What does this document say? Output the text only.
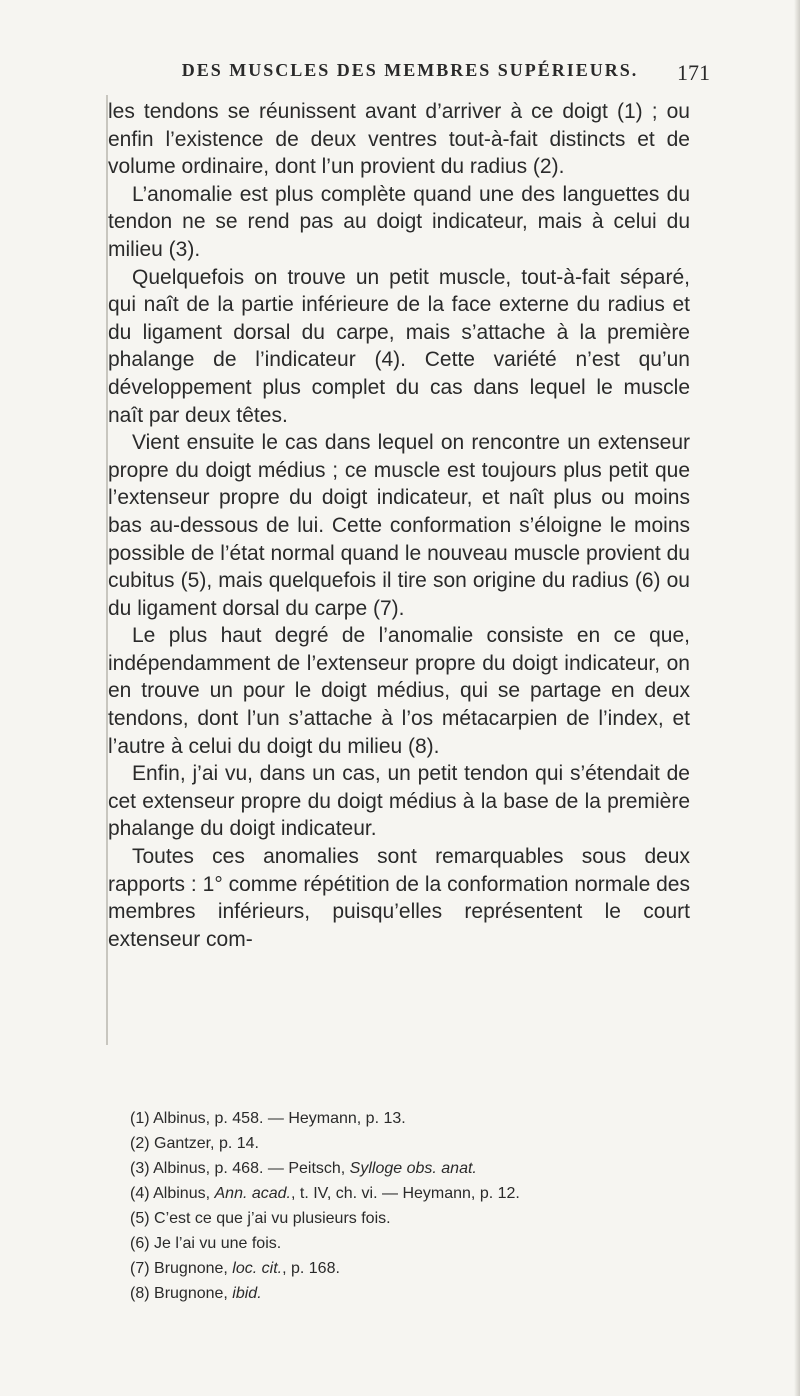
DES MUSCLES DES MEMBRES SUPÉRIEURS.	171

les tendons se réunissent avant d’arriver à ce doigt (1) ; ou enfin l’existence de deux ventres tout-à-fait distincts et de volume ordinaire, dont l’un provient du radius (2).

L’anomalie est plus complète quand une des languettes du tendon ne se rend pas au doigt indicateur, mais à celui du milieu (3).

Quelquefois on trouve un petit muscle, tout-à-fait séparé, qui naît de la partie inférieure de la face externe du radius et du ligament dorsal du carpe, mais s’attache à la première phalange de l’indicateur (4). Cette variété n’est qu’un développement plus complet du cas dans lequel le muscle naît par deux têtes.

Vient ensuite le cas dans lequel on rencontre un extenseur propre du doigt médius ; ce muscle est toujours plus petit que l’extenseur propre du doigt indicateur, et naît plus ou moins bas au-dessous de lui. Cette conformation s’éloigne le moins possible de l’état normal quand le nouveau muscle provient du cubitus (5), mais quelquefois il tire son origine du radius (6) ou du ligament dorsal du carpe (7).

Le plus haut degré de l’anomalie consiste en ce que, indépendamment de l’extenseur propre du doigt indicateur, on en trouve un pour le doigt médius, qui se partage en deux tendons, dont l’un s’attache à l’os métacarpien de l’index, et l’autre à celui du doigt du milieu (8).

Enfin, j’ai vu, dans un cas, un petit tendon qui s’étendait de cet extenseur propre du doigt médius à la base de la première phalange du doigt indicateur.

Toutes ces anomalies sont remarquables sous deux rapports : 1° comme répétition de la conformation normale des membres inférieurs, puisqu’elles représentent le court extenseur com-

(1) Albinus, p. 458. — Heymann, p. 13.
(2) Gantzer, p. 14.
(3) Albinus, p. 468. — Peitsch, Sylloge obs. anat.
(4) Albinus, Ann. acad., t. IV, ch. vi. — Heymann, p. 12.
(5) C’est ce que j’ai vu plusieurs fois.
(6) Je l’ai vu une fois.
(7) Brugnone, loc. cit., p. 168.
(8) Brugnone, ibid.
